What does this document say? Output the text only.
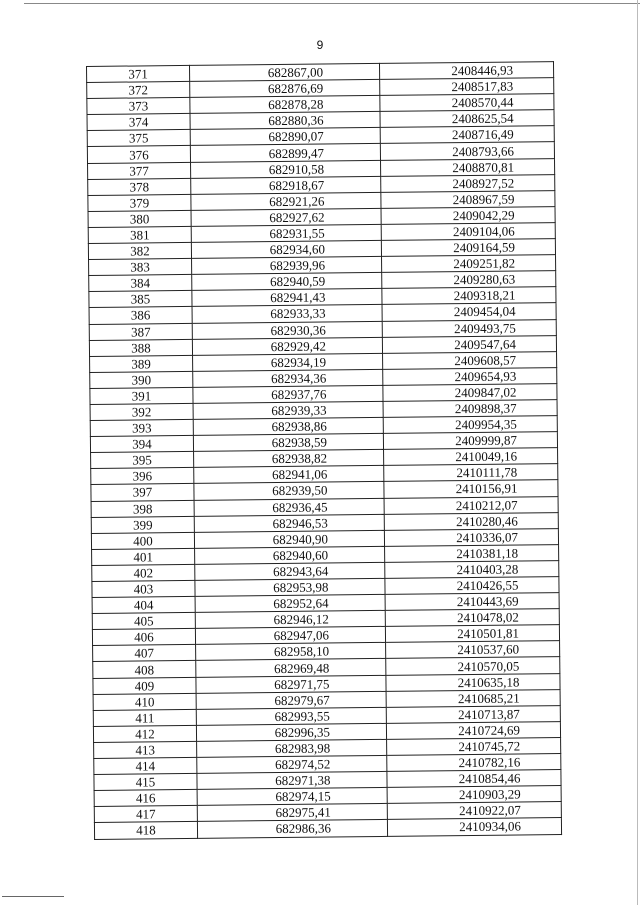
9
371	682867,00	2408446,93
372	682876,69	2408517,83
373	682878,28	2408570,44
374	682880,36	2408625,54
375	682890,07	2408716,49
376	682899,47	2408793,66
377	682910,58	2408870,81
378	682918,67	2408927,52
379	682921,26	2408967,59
380	682927,62	2409042,29
381	682931,55	2409104,06
382	682934,60	2409164,59
383	682939,96	2409251,82
384	682940,59	2409280,63
385	682941,43	2409318,21
386	682933,33	2409454,04
387	682930,36	2409493,75
388	682929,42	2409547,64
389	682934,19	2409608,57
390	682934,36	2409654,93
391	682937,76	2409847,02
392	682939,33	2409898,37
393	682938,86	2409954,35
394	682938,59	2409999,87
395	682938,82	2410049,16
396	682941,06	2410111,78
397	682939,50	2410156,91
398	682936,45	2410212,07
399	682946,53	2410280,46
400	682940,90	2410336,07
401	682940,60	2410381,18
402	682943,64	2410403,28
403	682953,98	2410426,55
404	682952,64	2410443,69
405	682946,12	2410478,02
406	682947,06	2410501,81
407	682958,10	2410537,60
408	682969,48	2410570,05
409	682971,75	2410635,18
410	682979,67	2410685,21
411	682993,55	2410713,87
412	682996,35	2410724,69
413	682983,98	2410745,72
414	682974,52	2410782,16
415	682971,38	2410854,46
416	682974,15	2410903,29
417	682975,41	2410922,07
418	682986,36	2410934,06
